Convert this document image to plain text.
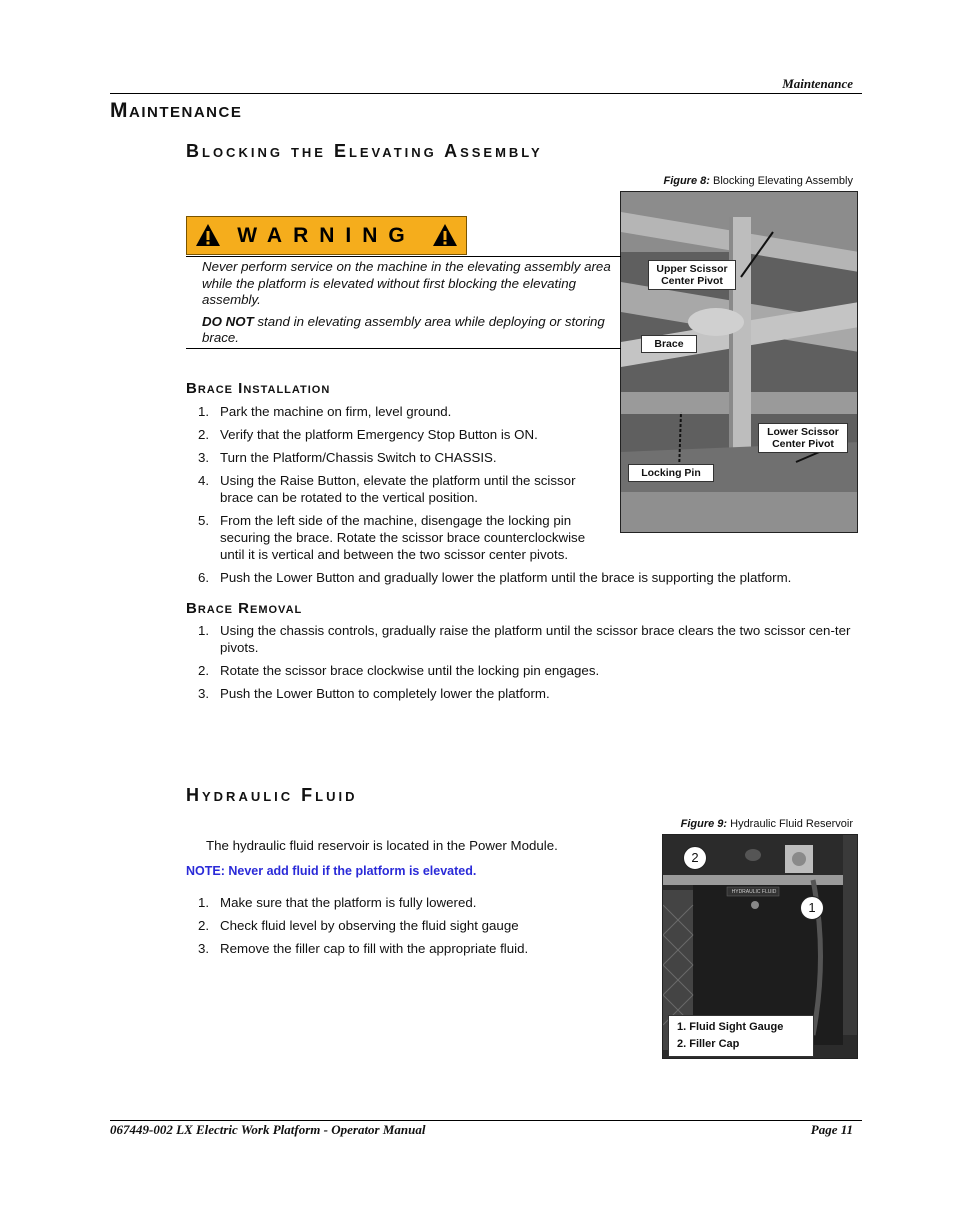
Maintenance
Maintenance
Blocking the Elevating Assembly
Figure 8: Blocking Elevating Assembly
Upper Scissor Center Pivot
Brace
Lower Scissor Center Pivot
Locking Pin
WARNING

Never perform service on the machine in the elevating assembly area while the platform is elevated without first blocking the elevating assembly.

DO NOT stand in elevating assembly area while deploying or storing brace.

Brace Installation
1. Park the machine on firm, level ground.
2. Verify that the platform Emergency Stop Button is ON.
3. Turn the Platform/Chassis Switch to CHASSIS.
4. Using the Raise Button, elevate the platform until the scissor brace can be rotated to the vertical position.
5. From the left side of the machine, disengage the locking pin securing the brace. Rotate the scissor brace counterclockwise until it is vertical and between the two scissor center pivots.
6. Push the Lower Button and gradually lower the platform until the brace is supporting the platform.
Brace Removal
1. Using the chassis controls, gradually raise the platform until the scissor brace clears the two scissor cen-ter pivots.
2. Rotate the scissor brace clockwise until the locking pin engages.
3. Push the Lower Button to completely lower the platform.
Hydraulic Fluid
Figure 9: Hydraulic Fluid Reservoir
The hydraulic fluid reservoir is located in the Power Module.
NOTE: Never add fluid if the platform is elevated.
1. Make sure that the platform is fully lowered.
2. Check fluid level by observing the fluid sight gauge
3. Remove the filler cap to fill with the appropriate fluid.
HYDRAULIC FLUID
2
1
1. Fluid Sight Gauge
2. Filler Cap
067449-002 LX Electric Work Platform - Operator Manual	Page 11
